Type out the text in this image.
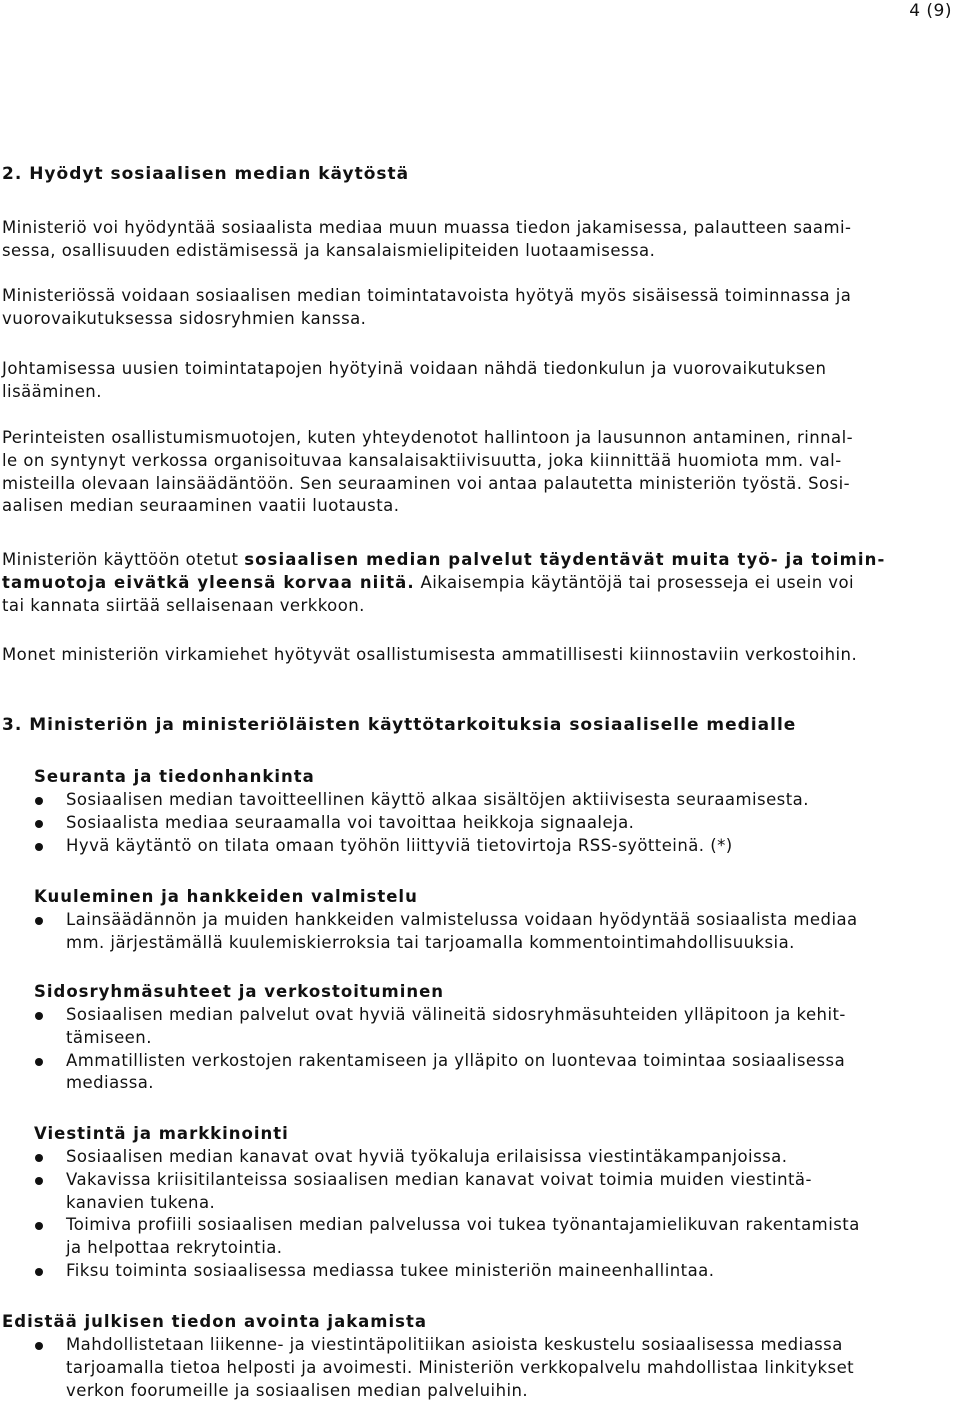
4 (9)
2. Hyödyt sosiaalisen median käytöstä
Ministeriö voi hyödyntää sosiaalista mediaa muun muassa tiedon jakamisessa, palautteen saami-
sessa, osallisuuden edistämisessä ja kansalaismielipiteiden luotaamisessa.
Ministeriössä voidaan sosiaalisen median toimintatavoista hyötyä myös sisäisessä toiminnassa ja
vuorovaikutuksessa sidosryhmien kanssa.
Johtamisessa uusien toimintatapojen hyötyinä voidaan nähdä tiedonkulun ja vuorovaikutuksen
lisääminen.
Perinteisten osallistumismuotojen, kuten yhteydenotot hallintoon ja lausunnon antaminen, rinnal-
le on syntynyt verkossa organisoituvaa kansalaisaktiivisuutta, joka kiinnittää huomiota mm. val-
misteilla olevaan lainsäädäntöön. Sen seuraaminen voi antaa palautetta ministeriön työstä. Sosi-
aalisen median seuraaminen vaatii luotausta.
Ministeriön käyttöön otetut sosiaalisen median palvelut täydentävät muita työ- ja toimin-
tamuotoja eivätkä yleensä korvaa niitä. Aikaisempia käytäntöjä tai prosesseja ei usein voi
tai kannata siirtää sellaisenaan verkkoon.
Monet ministeriön virkamiehet hyötyvät osallistumisesta ammatillisesti kiinnostaviin verkostoihin.
3. Ministeriön ja ministeriöläisten käyttötarkoituksia sosiaaliselle medialle
Seuranta ja tiedonhankinta
Sosiaalisen median tavoitteellinen käyttö alkaa sisältöjen aktiivisesta seuraamisesta.
Sosiaalista mediaa seuraamalla voi tavoittaa heikkoja signaaleja.
Hyvä käytäntö on tilata omaan työhön liittyviä tietovirtoja RSS-syötteinä. (*)
Kuuleminen ja hankkeiden valmistelu
Lainsäädännön ja muiden hankkeiden valmistelussa voidaan hyödyntää sosiaalista mediaa
mm. järjestämällä kuulemiskierroksia tai tarjoamalla kommentointimahdollisuuksia.
Sidosryhmäsuhteet ja verkostoituminen
Sosiaalisen median palvelut ovat hyviä välineitä sidosryhmäsuhteiden ylläpitoon ja kehit-
tämiseen.
Ammatillisten verkostojen rakentamiseen ja ylläpito on luontevaa toimintaa sosiaalisessa
mediassa.
Viestintä ja markkinointi
Sosiaalisen median kanavat ovat hyviä työkaluja erilaisissa viestintäkampanjoissa.
Vakavissa kriisitilanteissa sosiaalisen median kanavat voivat toimia muiden viestintä-
kanavien tukena.
Toimiva profiili sosiaalisen median palvelussa voi tukea työnantajamielikuvan rakentamista
ja helpottaa rekrytointia.
Fiksu toiminta sosiaalisessa mediassa tukee ministeriön maineenhallintaa.
Edistää julkisen tiedon avointa jakamista
Mahdollistetaan liikenne- ja viestintäpolitiikan asioista keskustelu sosiaalisessa mediassa
tarjoamalla tietoa helposti ja avoimesti. Ministeriön verkkopalvelu mahdollistaa linkitykset
verkon foorumeille ja sosiaalisen median palveluihin.
